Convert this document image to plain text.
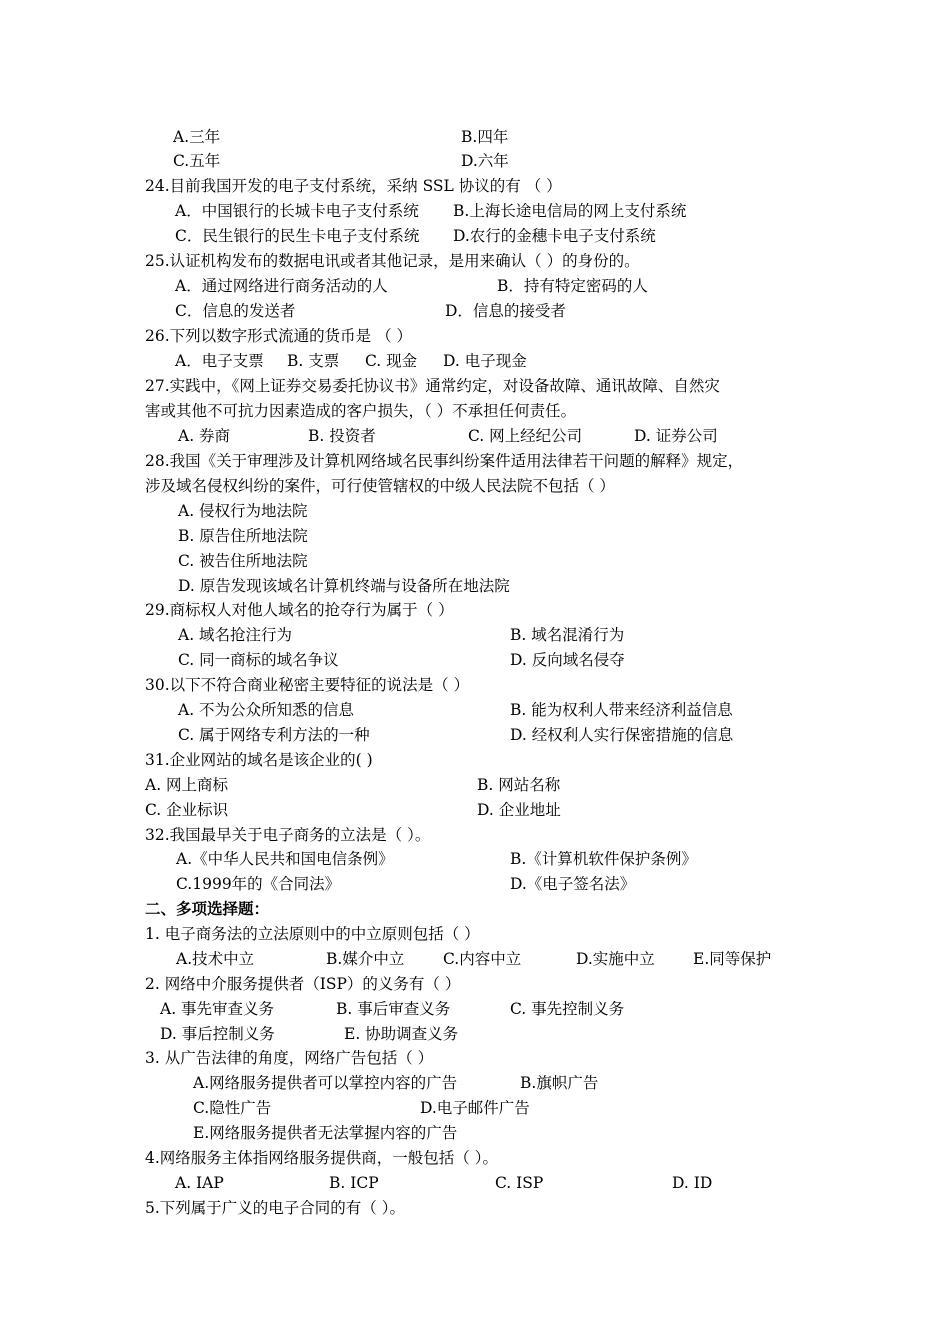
A.三年	B.四年
C.五年	D.六年
24.目前我国开发的电子支付系统，采纳 SSL 协议的有 （ ）
A．中国银行的长城卡电子支付系统 B.上海长途电信局的网上支付系统
C．民生银行的民生卡电子支付系统 D.农行的金穗卡电子支付系统
25.认证机构发布的数据电讯或者其他记录，是用来确认（ ）的身份的。
A．通过网络进行商务活动的人	B．持有特定密码的人
C．信息的发送者	D．信息的接受者
26.下列以数字形式流通的货币是 （ ）
A．电子支票 B. 支票 C. 现金 D. 电子现金
27.实践中，《网上证券交易委托协议书》通常约定，对设备故障、通讯故障、自然灾
害或其他不可抗力因素造成的客户损失，（ ）不承担任何责任。
A. 券商	B. 投资者	C. 网上经纪公司	D. 证券公司
28.我国《关于审理涉及计算机网络域名民事纠纷案件适用法律若干问题的解释》规定，
涉及域名侵权纠纷的案件，可行使管辖权的中级人民法院不包括（ ）
A. 侵权行为地法院
B. 原告住所地法院
C. 被告住所地法院
D. 原告发现该域名计算机终端与设备所在地法院
29.商标权人对他人域名的抢夺行为属于（ ）
A. 域名抢注行为	B. 域名混淆行为
C. 同一商标的域名争议	D. 反向域名侵夺
30.以下不符合商业秘密主要特征的说法是（ ）
A. 不为公众所知悉的信息	B. 能为权利人带来经济利益信息
C. 属于网络专利方法的一种	D. 经权利人实行保密措施的信息
31.企业网站的域名是该企业的( )
A. 网上商标	B. 网站名称
C. 企业标识	D. 企业地址
32.我国最早关于电子商务的立法是（ ）。
A.《中华人民共和国电信条例》	B.《计算机软件保护条例》
C.1999年的《合同法》	D.《电子签名法》
二、多项选择题：
1. 电子商务法的立法原则中的中立原则包括（ ）
A.技术中立	B.媒介中立 C.内容中立	D.实施中立 E.同等保护
2. 网络中介服务提供者（ISP）的义务有（ ）
A. 事先审查义务	B. 事后审查义务	C. 事先控制义务
D. 事后控制义务	E. 协助调查义务
3. 从广告法律的角度，网络广告包括（ ）
A.网络服务提供者可以掌控内容的广告	B.旗帜广告
C.隐性广告	D.电子邮件广告
E.网络服务提供者无法掌握内容的广告
4.网络服务主体指网络服务提供商，一般包括（ ）。
A. IAP	B. ICP	C. ISP	D. ID
5.下列属于广义的电子合同的有（ ）。
